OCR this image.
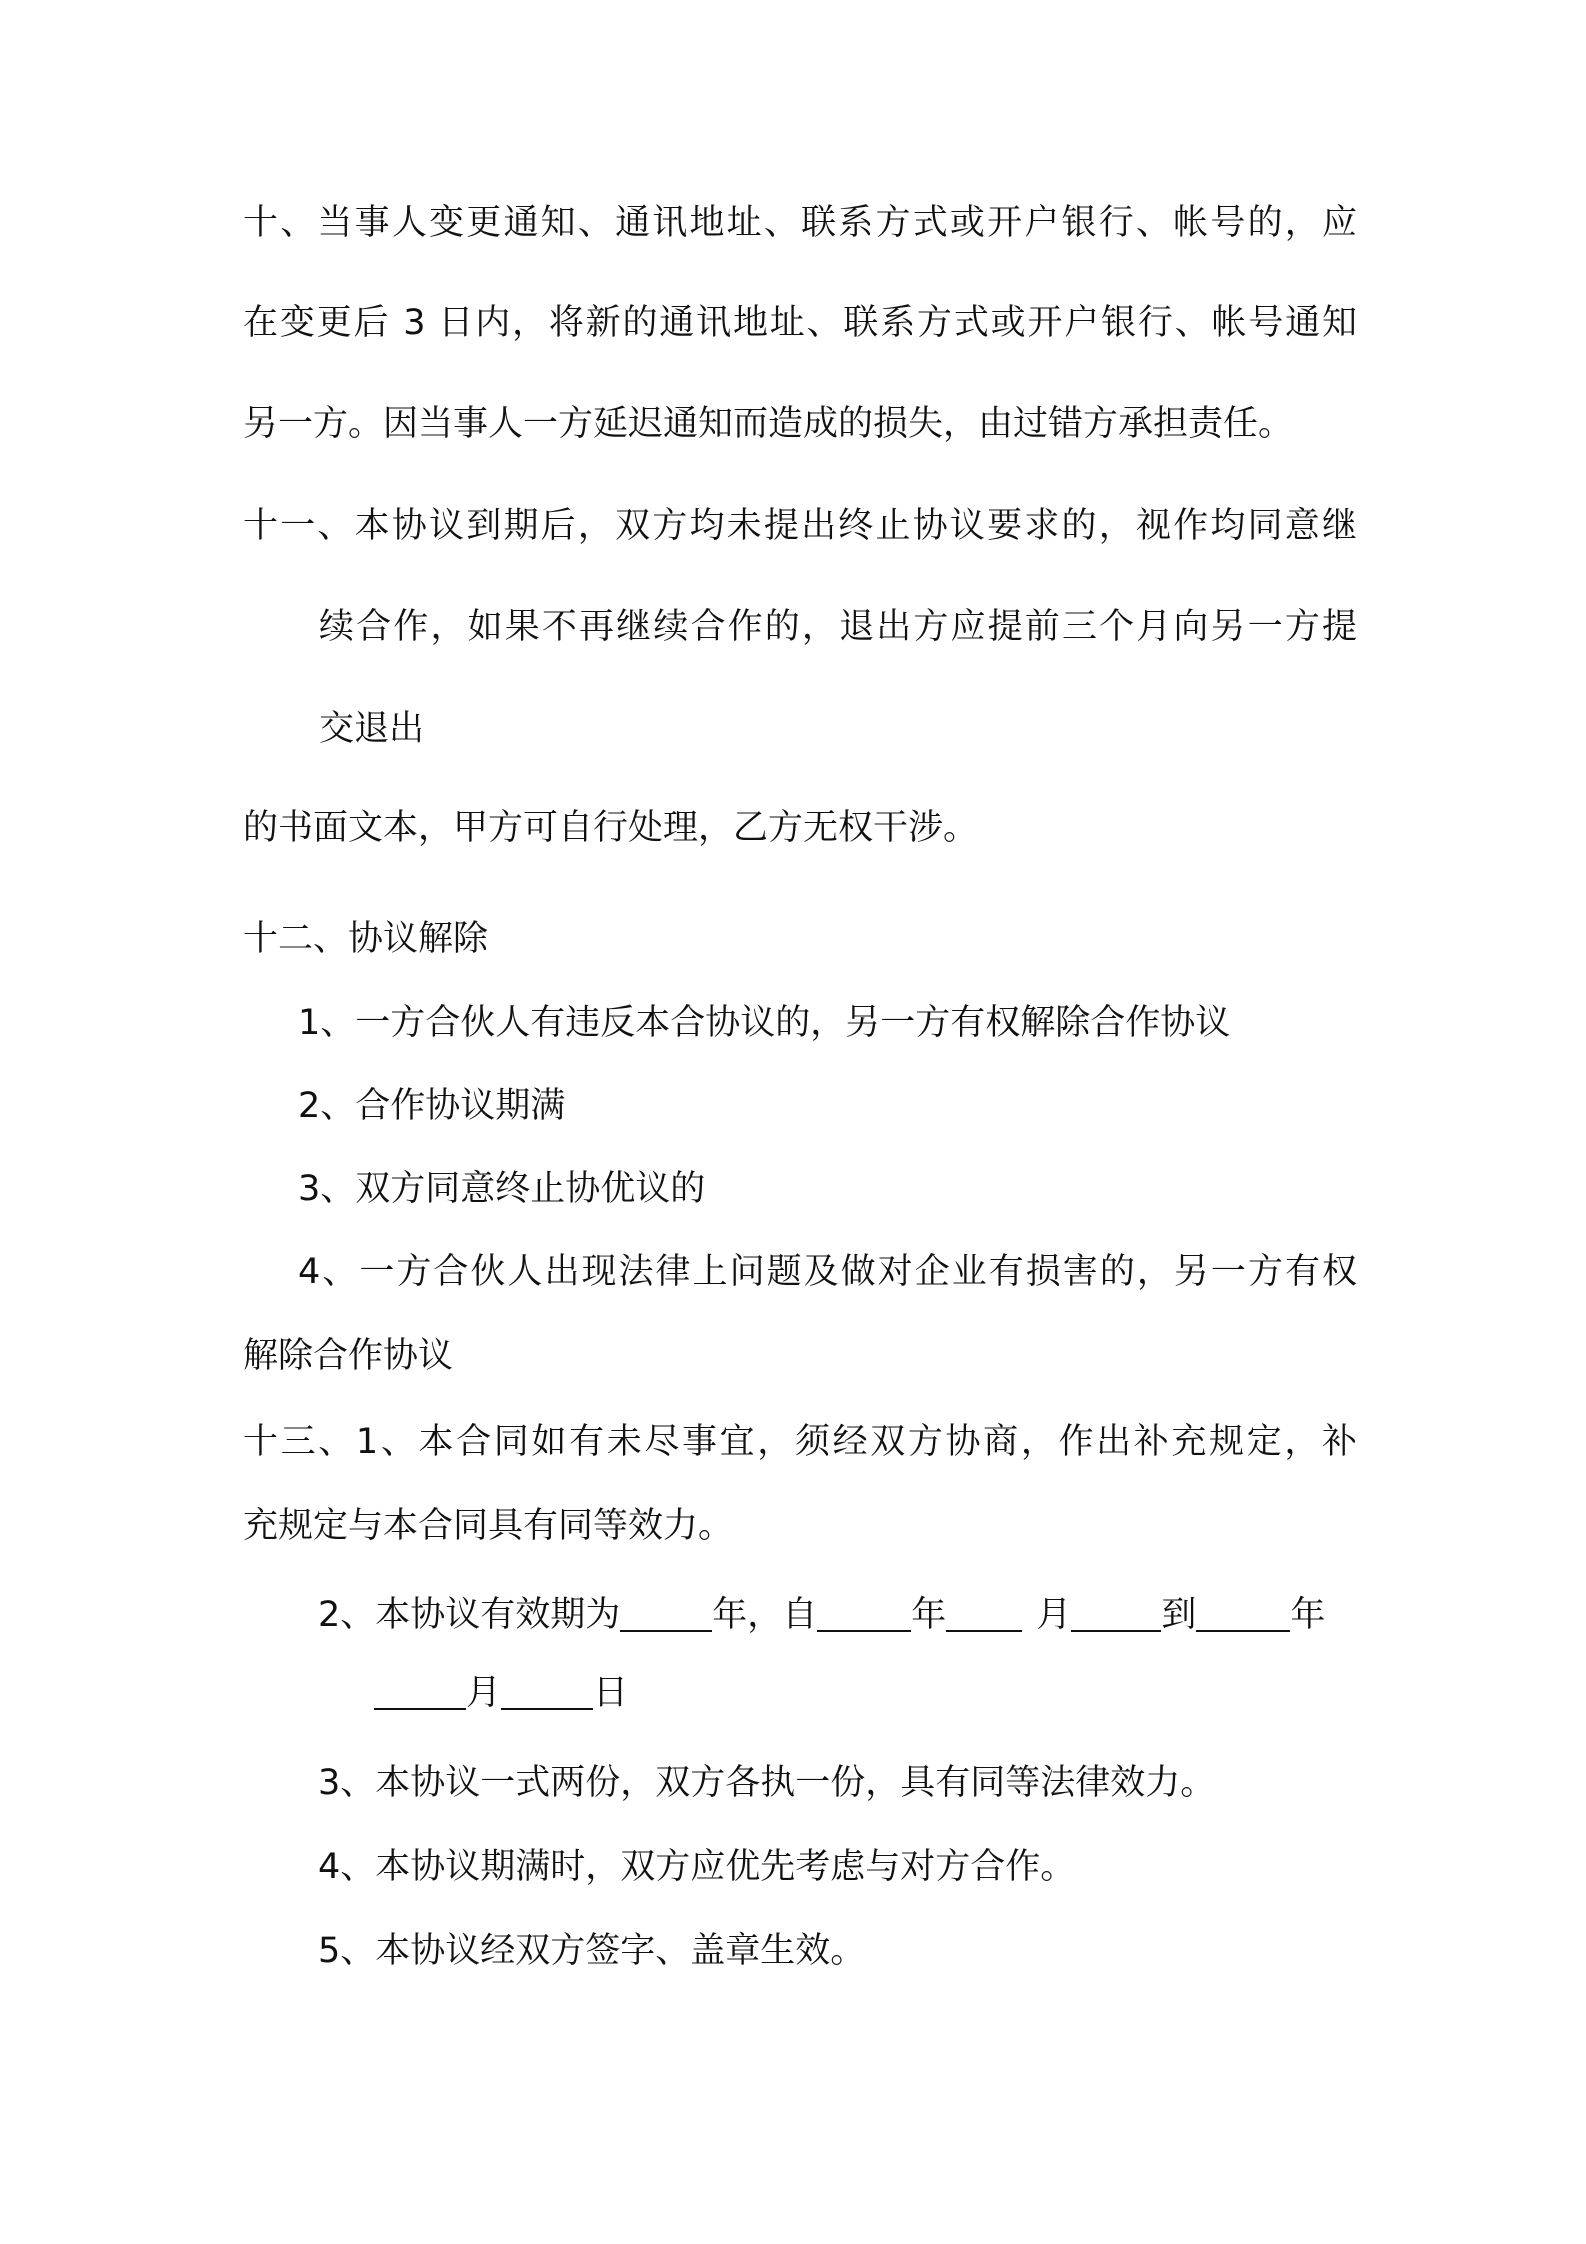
十、当事人变更通知、通讯地址、联系方式或开户银行、帐号的，应
在变更后 3 日内，将新的通讯地址、联系方式或开户银行、帐号通知
另一方。因当事人一方延迟通知而造成的损失，由过错方承担责任。
十一、本协议到期后，双方均未提出终止协议要求的，视作均同意继
续合作，如果不再继续合作的，退出方应提前三个月向另一方提
交退出
的书面文本，甲方可自行处理，乙方无权干涉。
十二、协议解除
1、一方合伙人有违反本合协议的，另一方有权解除合作协议
2、合作协议期满
3、双方同意终止协优议的
4、一方合伙人出现法律上问题及做对企业有损害的，另一方有权
解除合作协议
十三、1、本合同如有未尽事宜，须经双方协商，作出补充规定，补
充规定与本合同具有同等效力。
2、本协议有效期为	年，自	年	月	到	年
月	日
3、本协议一式两份，双方各执一份，具有同等法律效力。
4、本协议期满时，双方应优先考虑与对方合作。
5、本协议经双方签字、盖章生效。
